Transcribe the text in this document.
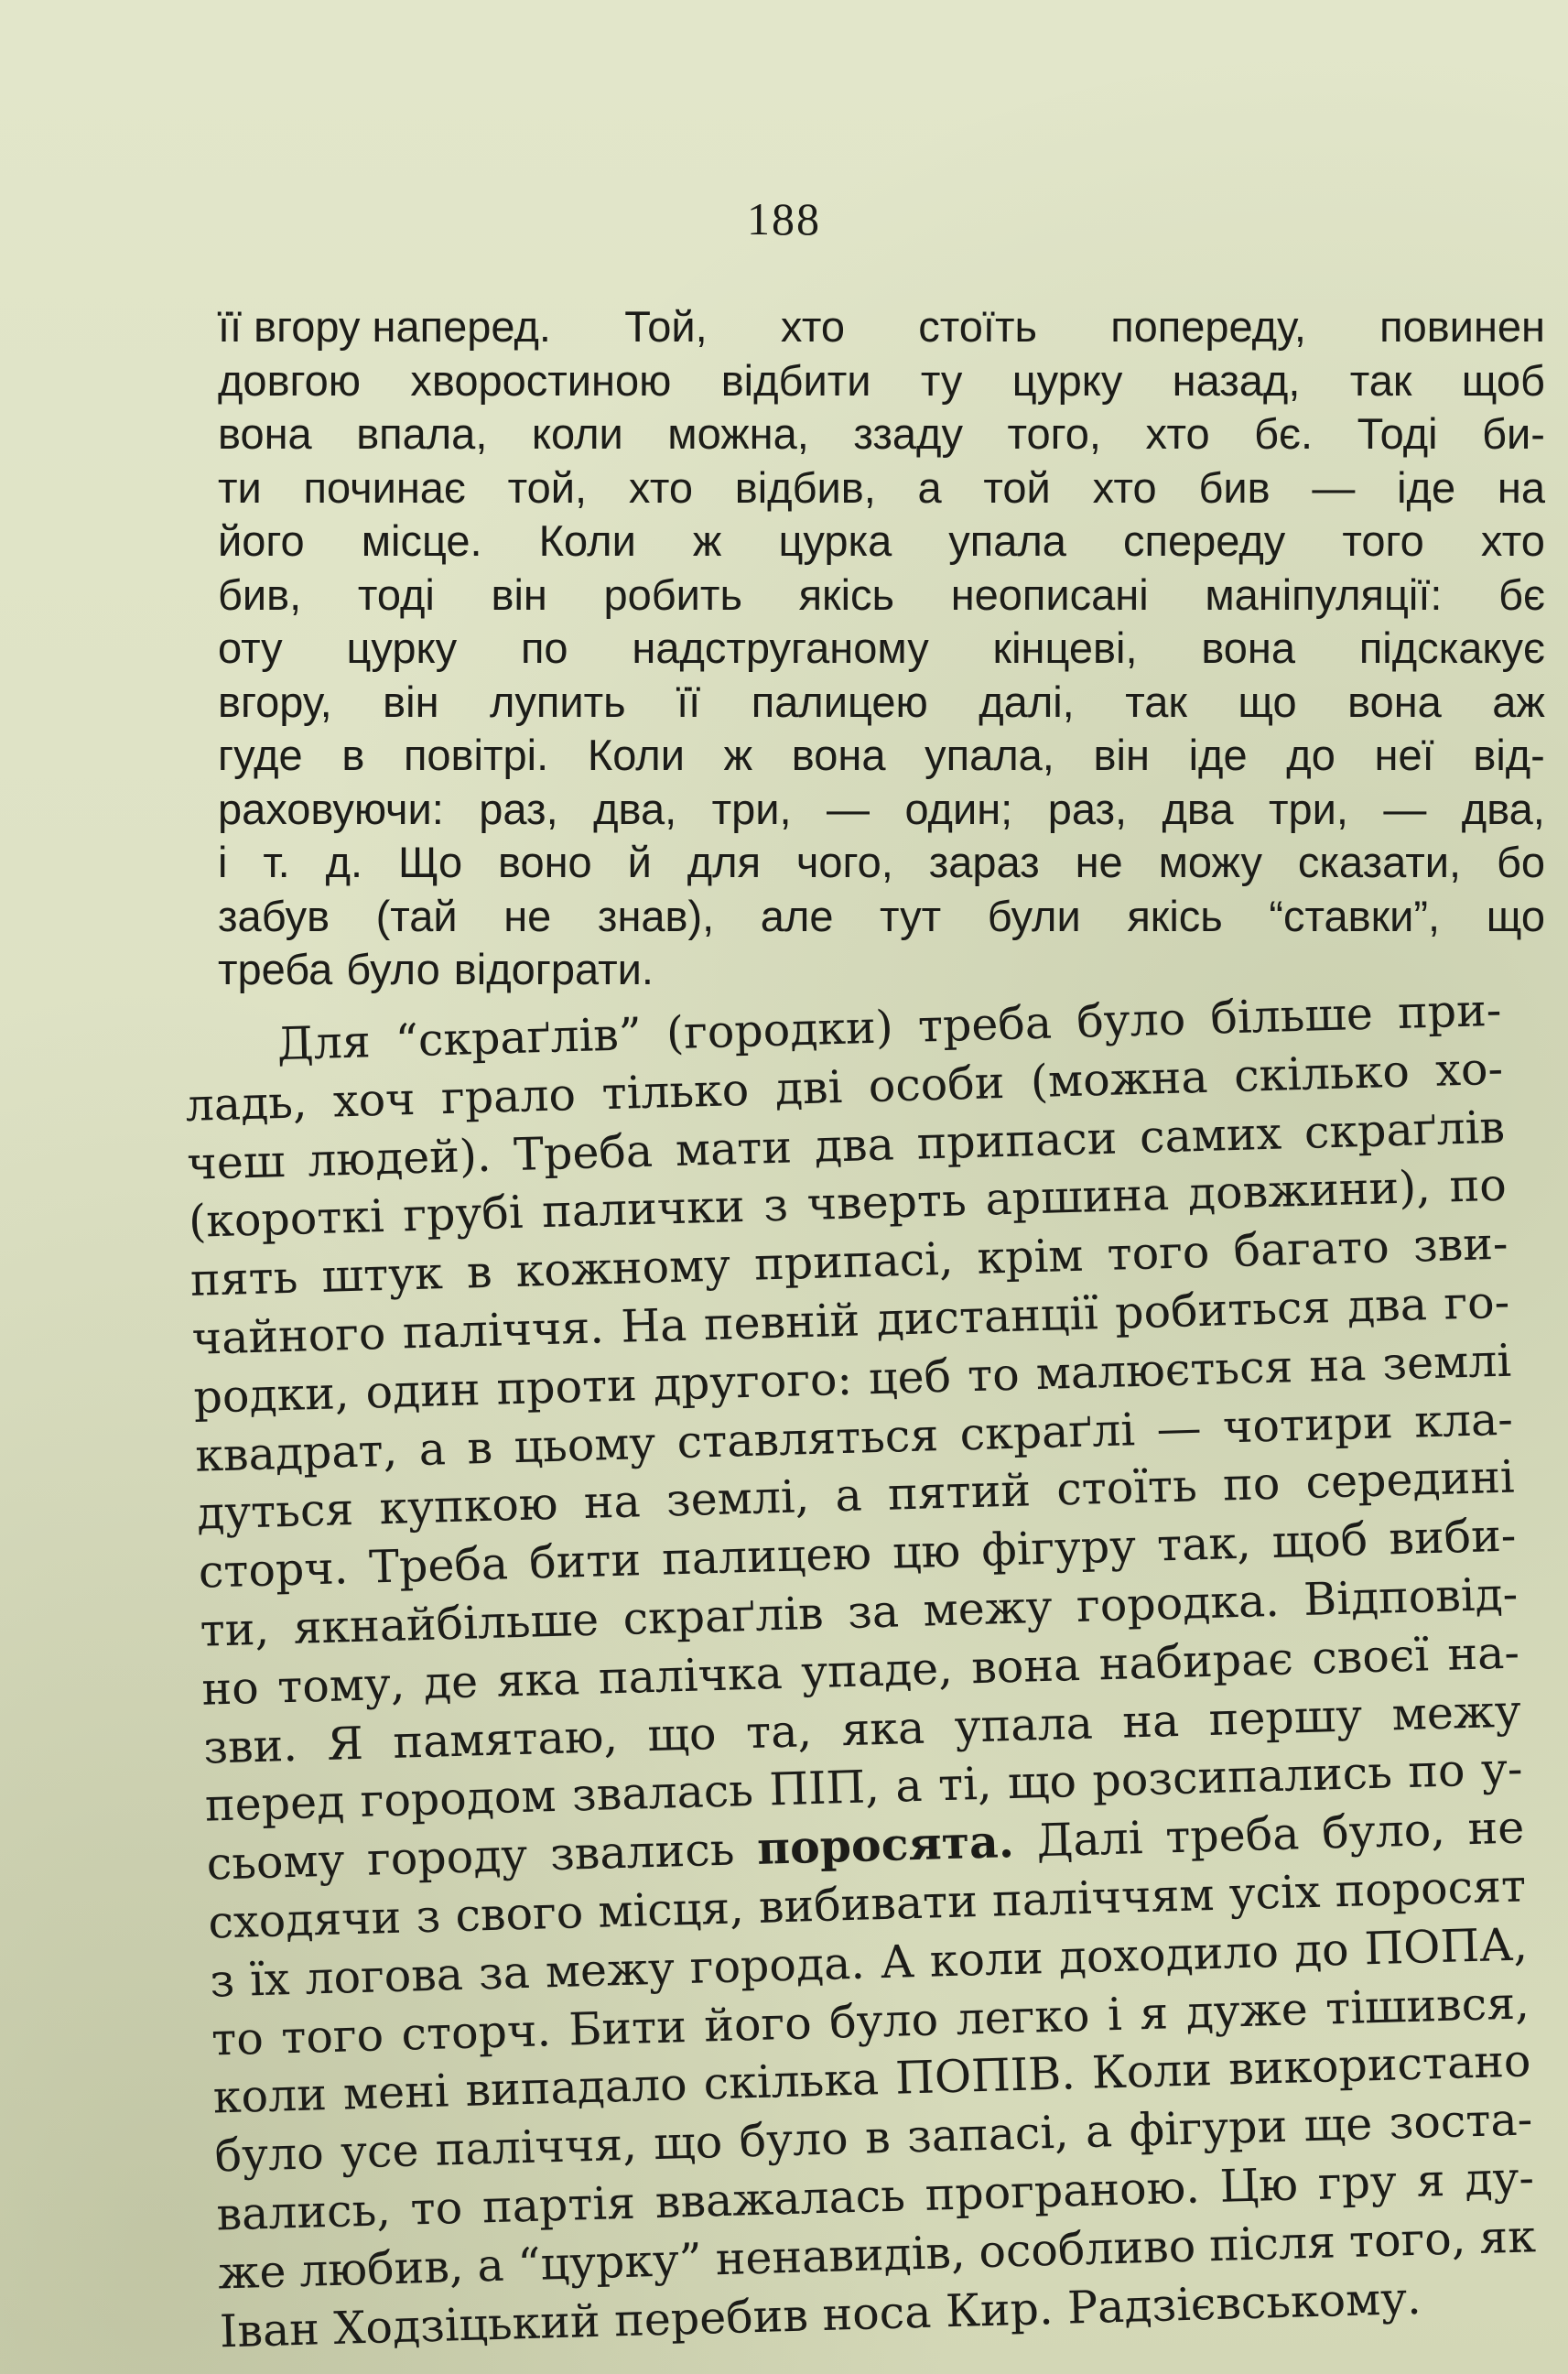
188
її вгору наперед. Той, хто стоїть попереду, повинен
довгою хворостиною відбити ту цурку назад, так щоб
вона впала, коли можна, ззаду того, хто бє. Тоді би-
ти починає той, хто відбив, а той хто бив — іде на
його місце. Коли ж цурка упала спереду того хто
бив, тоді він робить якісь неописані маніпуляції: бє
оту цурку по надструганому кінцеві, вона підскакує
вгору, він лупить її палицею далі, так що вона аж
гуде в повітрі. Коли ж вона упала, він іде до неї від-
раховуючи: раз, два, три, — один; раз, два три, — два,
і т. д. Що воно й для чого, зараз не можу сказати, бо
забув (тай не знав), але тут були якісь “ставки”, що
треба було відограти.
Для “скраґлів” (городки) треба було більше при-
ладь, хоч грало тілько дві особи (можна скілько хо-
чеш людей). Треба мати два припаси самих скраґлів
(короткі грубі палички з чверть аршина довжини), по
пять штук в кожному припасі, крім того багато зви-
чайного паліччя. На певній дистанції робиться два го-
родки, один проти другого: цеб то малюється на землі
квадрат, а в цьому ставляться скраґлі — чотири кла-
дуться купкою на землі, а пятий стоїть по середині
сторч. Треба бити палицею цю фігуру так, щоб виби-
ти, якнайбільше скраґлів за межу городка. Відповід-
но тому, де яка палічка упаде, вона набирає своєї на-
зви. Я памятаю, що та, яка упала на першу межу
перед городом звалась ПІП, а ті, що розсипались по у-
сьому городу звались поросята. Далі треба було, не
сходячи з свого місця, вибивати паліччям усіх поросят
з їх логова за межу города. А коли доходило до ПОПА,
то того сторч. Бити його було легко і я дуже тішився,
коли мені випадало скілька ПОПІВ. Коли використано
було усе паліччя, що було в запасі, а фігури ще зоста-
вались, то партія вважалась програною. Цю гру я ду-
же любив, а “цурку” ненавидів, особливо після того, як
Іван Ходзіцький перебив носа Кир. Радзієвському.
